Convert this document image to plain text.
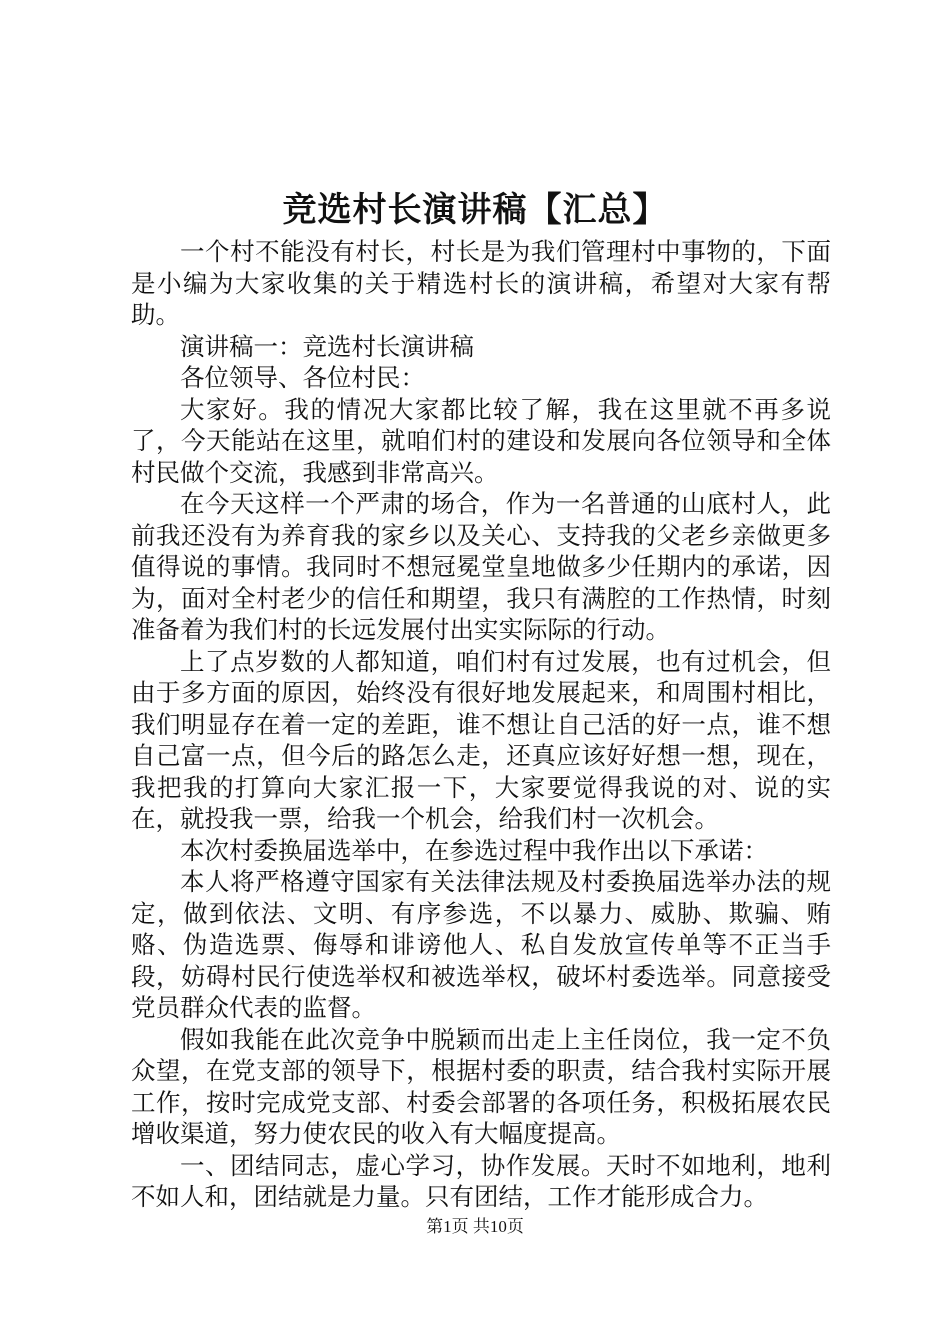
竞选村长演讲稿【汇总】

一个村不能没有村长，村长是为我们管理村中事物的，下面是小编为大家收集的关于精选村长的演讲稿，希望对大家有帮助。

演讲稿一：竞选村长演讲稿

各位领导、各位村民：

大家好。我的情况大家都比较了解，我在这里就不再多说了，今天能站在这里，就咱们村的建设和发展向各位领导和全体村民做个交流，我感到非常高兴。

在今天这样一个严肃的场合，作为一名普通的山底村人，此前我还没有为养育我的家乡以及关心、支持我的父老乡亲做更多值得说的事情。我同时不想冠冕堂皇地做多少任期内的承诺，因为，面对全村老少的信任和期望，我只有满腔的工作热情，时刻准备着为我们村的长远发展付出实实际际的行动。

上了点岁数的人都知道，咱们村有过发展，也有过机会，但由于多方面的原因，始终没有很好地发展起来，和周围村相比，我们明显存在着一定的差距，谁不想让自己活的好一点，谁不想自己富一点，但今后的路怎么走，还真应该好好想一想，现在，我把我的打算向大家汇报一下，大家要觉得我说的对、说的实在，就投我一票，给我一个机会，给我们村一次机会。

本次村委换届选举中，在参选过程中我作出以下承诺：

本人将严格遵守国家有关法律法规及村委换届选举办法的规定，做到依法、文明、有序参选，不以暴力、威胁、欺骗、贿赂、伪造选票、侮辱和诽谤他人、私自发放宣传单等不正当手段，妨碍村民行使选举权和被选举权，破坏村委选举。同意接受党员群众代表的监督。

假如我能在此次竞争中脱颖而出走上主任岗位，我一定不负众望，在党支部的领导下，根据村委的职责，结合我村实际开展工作，按时完成党支部、村委会部署的各项任务，积极拓展农民增收渠道，努力使农民的收入有大幅度提高。

一、团结同志，虚心学习，协作发展。天时不如地利，地利不如人和，团结就是力量。只有团结，工作才能形成合力。

第1页 共10页
